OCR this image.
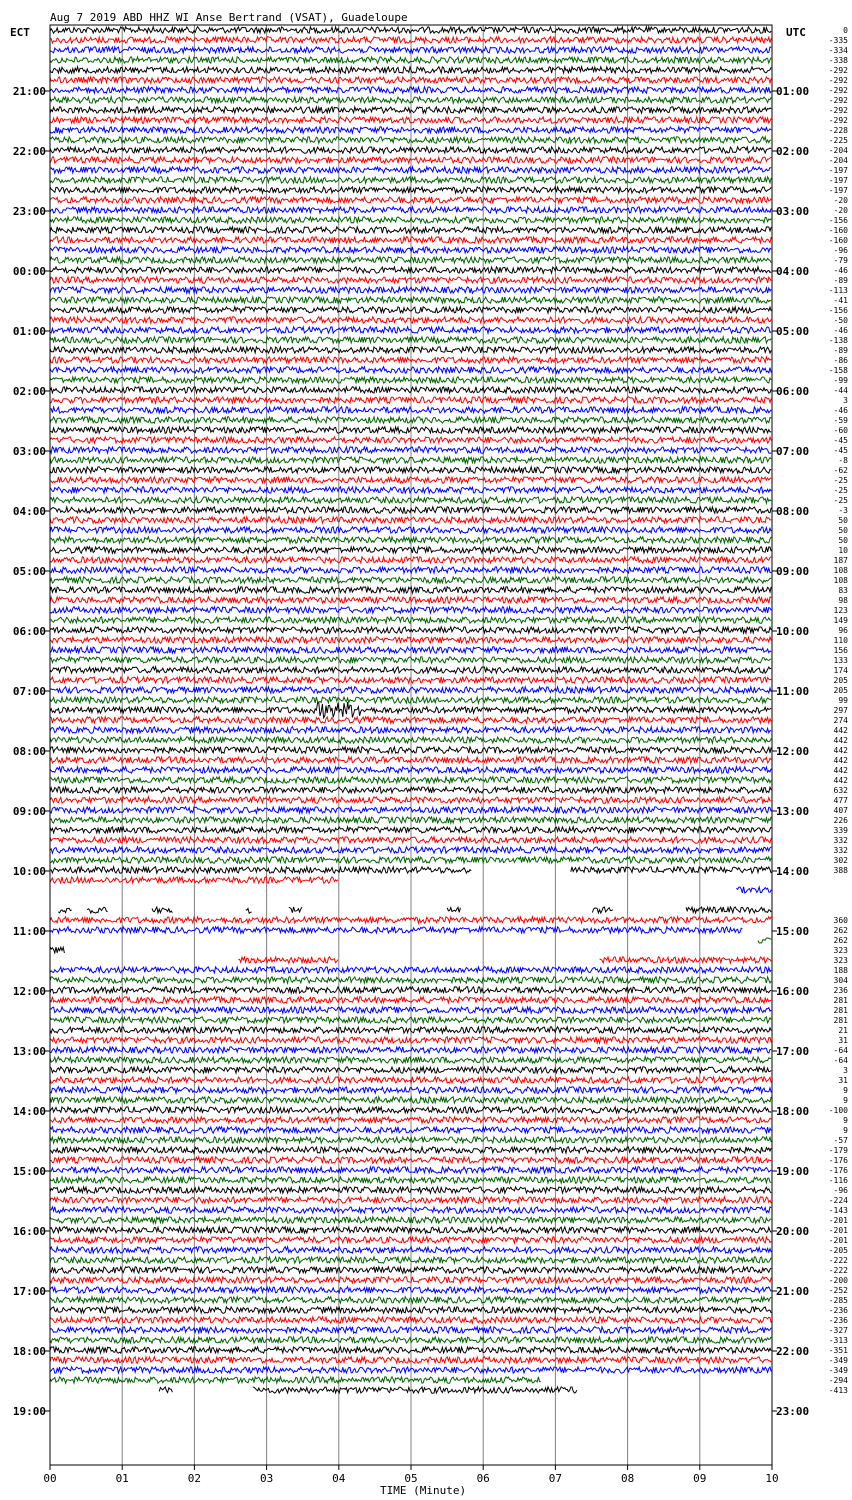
Aug 7 2019 ABD HHZ WI Anse Bertrand (VSAT), Guadeloupe
ECT	UTC
21:00
22:00
23:00
00:00
01:00
02:00
03:00
04:00
05:00
06:00
07:00
08:00
09:00
10:00
11:00
12:00
13:00
14:00
15:00
16:00
17:00
18:00
19:00
01:00
02:00
03:00
04:00
05:00
06:00
07:00
08:00
09:00
10:00
11:00
12:00
13:00
14:00
15:00
16:00
17:00
18:00
19:00
20:00
21:00
22:00
23:00
0
-335
-334
-338
-292
-292
-292
-292
-292
-292
-228
-225
-204
-204
-197
-197
-197
-20
-20
-156
-160
-160
-96
-79
-46
-89
-113
-41
-156
-50
-46
-138
-89
-86
-158
-99
-44
3
-46
-59
-60
-45
-45
-8
-62
-25
-25
-25
-3
50
50
50
10
187
108
108
83
98
123
149
96
110
156
133
174
205
205
99
297
274
442
442
442
442
442
442
632
477
407
226
339
332
332
302
388
360
262
262
323
323
188
304
236
281
281
281
21
31
-64
-64
3
31
9
9
-100
9
9
-57
-179
-176
-176
-116
-96
-224
-143
-201
-201
-201
-205
-222
-222
-200
-252
-285
-236
-236
-327
-313
-351
-349
-349
-294
-413
00	01	02	03	04	05	06	07	08	09	10
TIME (Minute)
